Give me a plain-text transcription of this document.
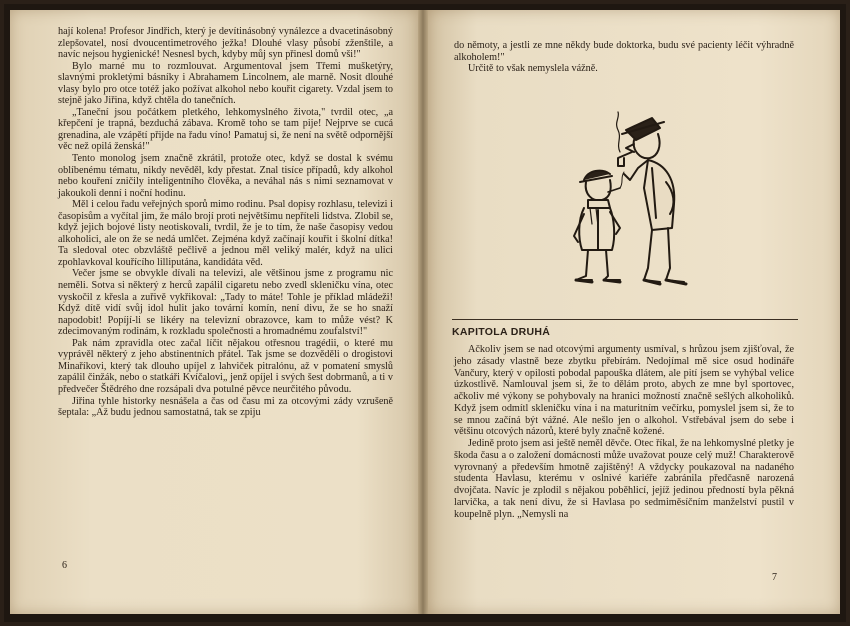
hají kolena! Profesor Jindřich, který je devítinásobný vynálezce a dvacetinásobný zlepšovatel, nosí dvoucentimetrového ježka! Dlouhé vlasy působí zženštile, a navíc nejsou hygienické! Nesnesl bych, kdyby můj syn přinesl domů vši!"

Bylo marné mu to rozmlouvat. Argumentoval jsem Třemi mušketýry, slavnými prokletými básníky i Abrahamem Lincolnem, ale marně. Nosit dlouhé vlasy bylo pro otce totéž jako požívat alkohol nebo kouřit cigarety. Vzdal jsem to stejně jako Jiřina, když chtěla do tanečních.

„Taneční jsou počátkem pletkého, lehkomyslného života," tvrdil otec, „a křepčení je trapná, bezduchá zábava. Kromě toho se tam pije! Nejprve se cucá grenadina, ale vzápětí přijde na řadu víno! Pamatuj si, že není na světě odpornější věc než opilá ženská!"

Tento monolog jsem značně zkrátil, protože otec, když se dostal k svému oblíbenému tématu, nikdy nevěděl, kdy přestat. Znal tisíce případů, kdy alkohol nebo kouření zničily inteligentního člověka, a neváhal nás s nimi seznamovat v jakoukoli denní i noční hodinu.

Měl i celou řadu veřejných sporů mimo rodinu. Psal dopisy rozhlasu, televizi i časopisům a vyčítal jim, že málo brojí proti největšímu nepříteli lidstva. Zlobil se, když jejich bojové listy neotiskovali, tvrdil, že je to tím, že naše časopisy vedou alkoholici, ale on že se nedá umlčet. Zejména když začínají kouřit i školní dítka! Ta sledoval otec obzvláště pečlivě a jednou měl veliký malér, když na ulici zpohlavkoval kouřícího lilliputána, kandidáta věd.

Večer jsme se obvykle dívali na televizi, ale většinou jsme z programu nic neměli. Sotva si některý z herců zapálil cigaretu nebo zvedl skleničku vína, otec vyskočil z křesla a zuřivě vykřikoval: „Tady to máte! Tohle je příklad mládeži! Když dítě vidí svůj idol hulit jako tovární komín, není divu, že se ho snaží napodobit! Popíjí-li se likéry na televizní obrazovce, kam to může vést? K zdecimovaným rodinám, k rozkladu společnosti a hromadnému zoufalství!"

Pak nám zpravidla otec začal líčit nějakou otřesnou tragédii, o které mu vyprávěl některý z jeho abstinentních přátel. Tak jsme se dozvěděli o drogistovi Minaříkovi, který tak dlouho upíjel z lahviček pitralónu, až v pomatení smyslů zapálil činžák, nebo o statkáři Kvíčalovi„ jenž opíjel i svých šest dobrmanů, a ti v předvečer Štědrého dne rozsápali dva potulné pěvce neurčitého původu.

Jiřina tyhle historky nesnášela a čas od času mi za otcovými zády vzrušeně šeptala: „Až budu jednou samostatná, tak se zpiju

6

do němoty, a jestli ze mne někdy bude doktorka, budu své pacienty léčit výhradně alkoholem!"

Určitě to však nemyslela vážně.

KAPITOLA DRUHÁ

Ačkoliv jsem se nad otcovými argumenty usmíval, s hrůzou jsem zjišťoval, že jeho zásady vlastně beze zbytku přebírám. Nedojímal mě sice osud hodináře Vančury, který v opilosti pobodal papouška dlátem, ale pití jsem se vyhýbal velice úzkostlivě. Namlouval jsem si, že to dělám proto, abych ze mne byl sportovec, ačkoliv mé výkony se pohybovaly na hranici možností značně sešlých alkoholiků. Když jsem odmítl skleničku vína i na maturitním večírku, pomyslel jsem si, že to se mnou začíná být vážné. Ale nešlo jen o alkohol. Vstřebával jsem do sebe i většinu otcových názorů, které byly značně kožené.

Jedině proto jsem asi ještě neměl děvče. Otec říkal, že na lehkomyslné pletky je škoda času a o založení domácnosti může uvažovat pouze celý muž! Charakterově vyrovnaný a především hmotně zajištěný! A vždycky poukazoval na nadaného studenta Havlasu, kterému v oslnivé kariéře zabránila předčasně narozená dvojčata. Navíc je zplodil s nějakou poběhlicí, jejíž jedinou předností byla pěkná larvička, a tak není divu, že si Havlasa po sedmiměsíčním manželství pustil v koupelně plyn. „Nemysli na

7
